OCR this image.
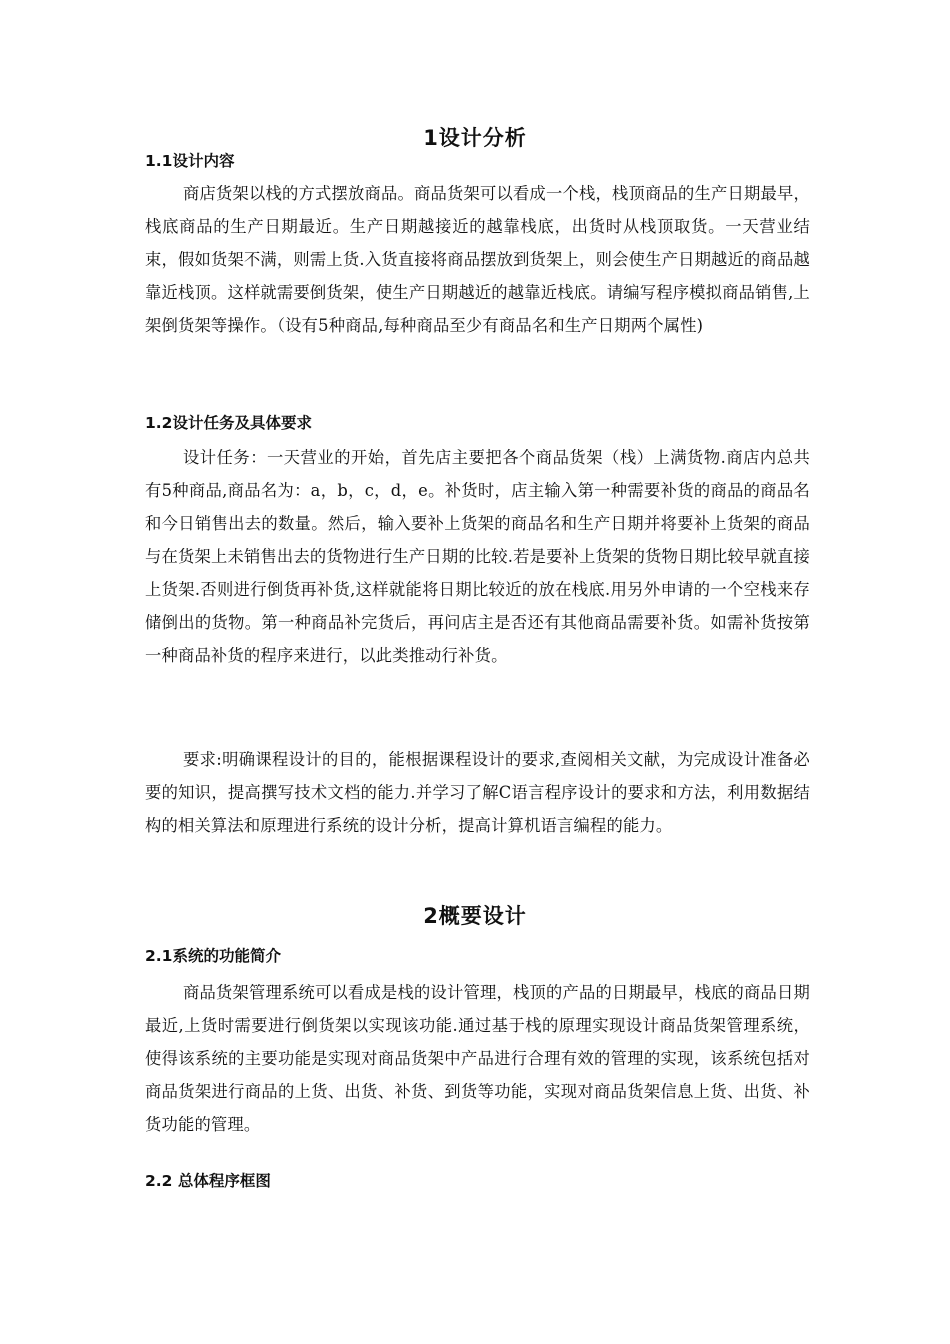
1设计分析
1.1设计内容

商店货架以栈的方式摆放商品。商品货架可以看成一个栈，栈顶商品的生产日期最早，栈底商品的生产日期最近。生产日期越接近的越靠栈底，出货时从栈顶取货。一天营业结束，假如货架不满，则需上货.入货直接将商品摆放到货架上，则会使生产日期越近的商品越靠近栈顶。这样就需要倒货架，使生产日期越近的越靠近栈底。请编写程序模拟商品销售,上架倒货架等操作。（设有5种商品,每种商品至少有商品名和生产日期两个属性)

1.2设计任务及具体要求

设计任务：一天营业的开始，首先店主要把各个商品货架（栈）上满货物.商店内总共有5种商品,商品名为：a，b，c，d，e。补货时，店主输入第一种需要补货的商品的商品名和今日销售出去的数量。然后，输入要补上货架的商品名和生产日期并将要补上货架的商品与在货架上未销售出去的货物进行生产日期的比较.若是要补上货架的货物日期比较早就直接上货架.否则进行倒货再补货,这样就能将日期比较近的放在栈底.用另外申请的一个空栈来存储倒出的货物。第一种商品补完货后，再问店主是否还有其他商品需要补货。如需补货按第一种商品补货的程序来进行，以此类推动行补货。

要求:明确课程设计的目的，能根据课程设计的要求,查阅相关文献，为完成设计准备必要的知识，提高撰写技术文档的能力.并学习了解C语言程序设计的要求和方法，利用数据结构的相关算法和原理进行系统的设计分析，提高计算机语言编程的能力。

2概要设计
2.1系统的功能简介

商品货架管理系统可以看成是栈的设计管理，栈顶的产品的日期最早，栈底的商品日期最近,上货时需要进行倒货架以实现该功能.通过基于栈的原理实现设计商品货架管理系统，使得该系统的主要功能是实现对商品货架中产品进行合理有效的管理的实现，该系统包括对商品货架进行商品的上货、出货、补货、到货等功能，实现对商品货架信息上货、出货、补货功能的管理。

2.2 总体程序框图
